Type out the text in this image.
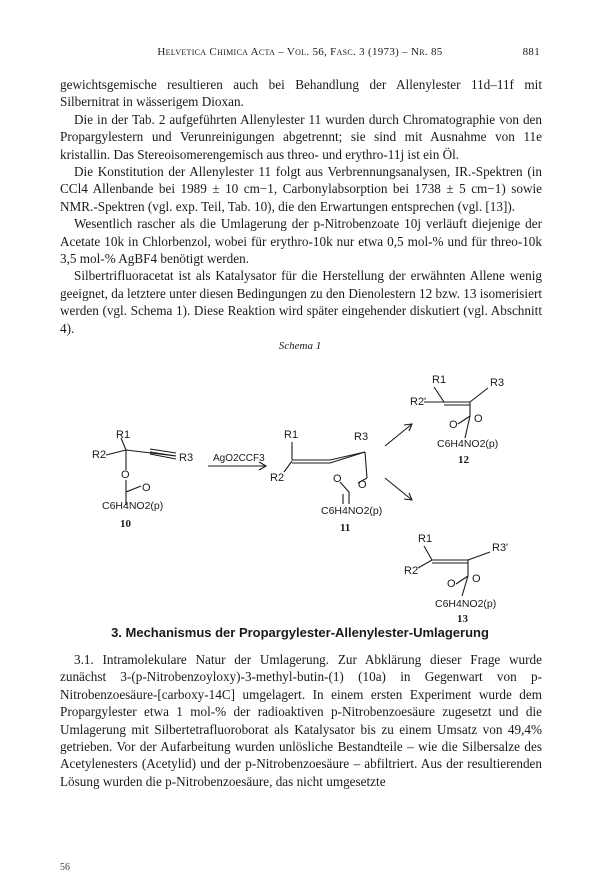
Helvetica Chimica Acta – Vol. 56, Fasc. 3 (1973) – Nr. 85	881

gewichtsgemische resultieren auch bei Behandlung der Allenylester 11d–11f mit Silbernitrat in wässerigem Dioxan.

Die in der Tab. 2 aufgeführten Allenylester 11 wurden durch Chromatographie von den Propargylestern und Verunreinigungen abgetrennt; sie sind mit Ausnahme von 11e kristallin. Das Stereoisomerengemisch aus threo- und erythro-11j ist ein Öl.

Die Konstitution der Allenylester 11 folgt aus Verbrennungsanalysen, IR.-Spektren (in CCl4 Allenbande bei 1989 ± 10 cm−1, Carbonylabsorption bei 1738 ± 5 cm−1) sowie NMR.-Spektren (vgl. exp. Teil, Tab. 10), die den Erwartungen entsprechen (vgl. [13]).

Wesentlich rascher als die Umlagerung der p-Nitrobenzoate 10j verläuft diejenige der Acetate 10k in Chlorbenzol, wobei für erythro-10k nur etwa 0,5 mol-% und für threo-10k 3,5 mol-% AgBF4 benötigt werden.

Silbertrifluoracetat ist als Katalysator für die Herstellung der erwähnten Allene wenig geeignet, da letztere unter diesen Bedingungen zu den Dienolestern 12 bzw. 13 isomerisiert werden (vgl. Schema 1). Diese Reaktion wird später eingehender diskutiert (vgl. Abschnitt 4).

Schema 1
R1
R2	R3
O
O
C6H4NO2(p)
10
AgO2CCF3
R1	R3
R2	O O
C6H4NO2(p)
11
R1	R3
R2'
O O
C6H4NO2(p)
12
R1
R3'
R2
O O
C6H4NO2(p)
13
3. Mechanismus der Propargylester-Allenylester-Umlagerung

3.1. Intramolekulare Natur der Umlagerung. Zur Abklärung dieser Frage wurde zunächst 3-(p-Nitrobenzoyloxy)-3-methyl-butin-(1) (10a) in Gegenwart von p-Nitrobenzoesäure-[carboxy-14C] umgelagert. In einem ersten Experiment wurde dem Propargylester etwa 1 mol-% der radioaktiven p-Nitrobenzoesäure zugesetzt und die Umlagerung mit Silbertetrafluoroborat als Katalysator bis zu einem Umsatz von 49,4% getrieben. Vor der Aufarbeitung wurden unlösliche Bestandteile – wie die Silbersalze des Acetylenesters (Acetylid) und der p-Nitrobenzoesäure – abfiltriert. Aus der resultierenden Lösung wurden die p-Nitrobenzoesäure, das nicht umgesetzte

56
